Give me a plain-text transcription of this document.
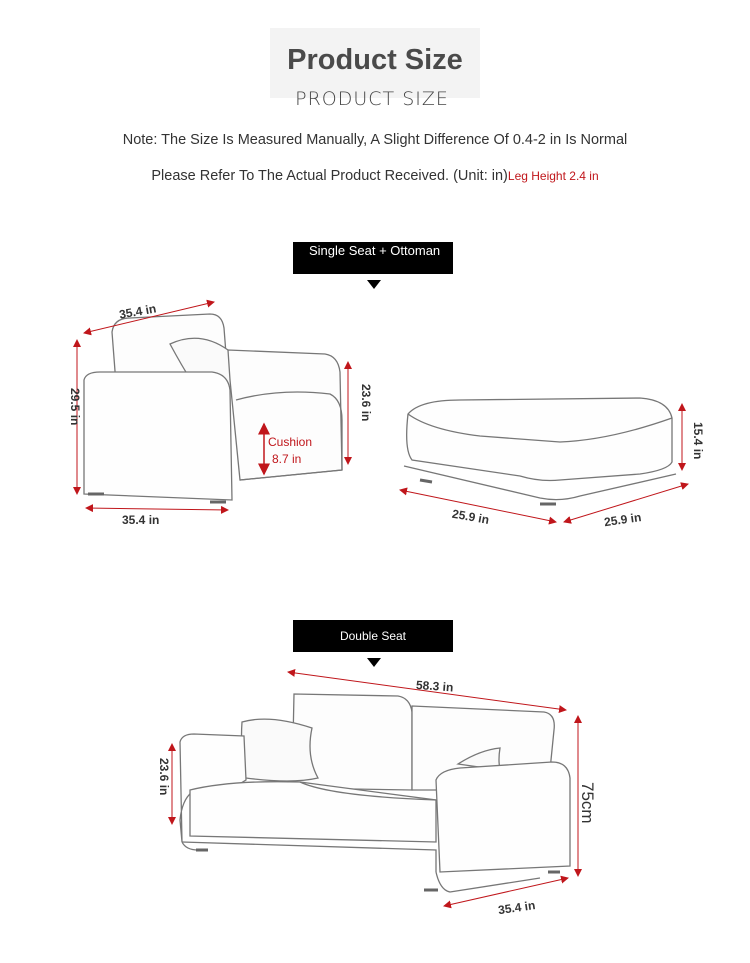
Product Size
PRODUCT SIZE
Note: The Size Is Measured Manually, A Slight Difference Of 0.4-2 in Is Normal
Please Refer To The Actual Product Received. (Unit: in)Leg Height 2.4 in
Single Seat + Ottoman
Double Seat
35.4 in
29.5 in	23.6 in
35.4 in
Cushion
8.7 in	15.4 in
25.9 in	25.9 in
58.3 in
23.6 in
75cm
35.4 in
